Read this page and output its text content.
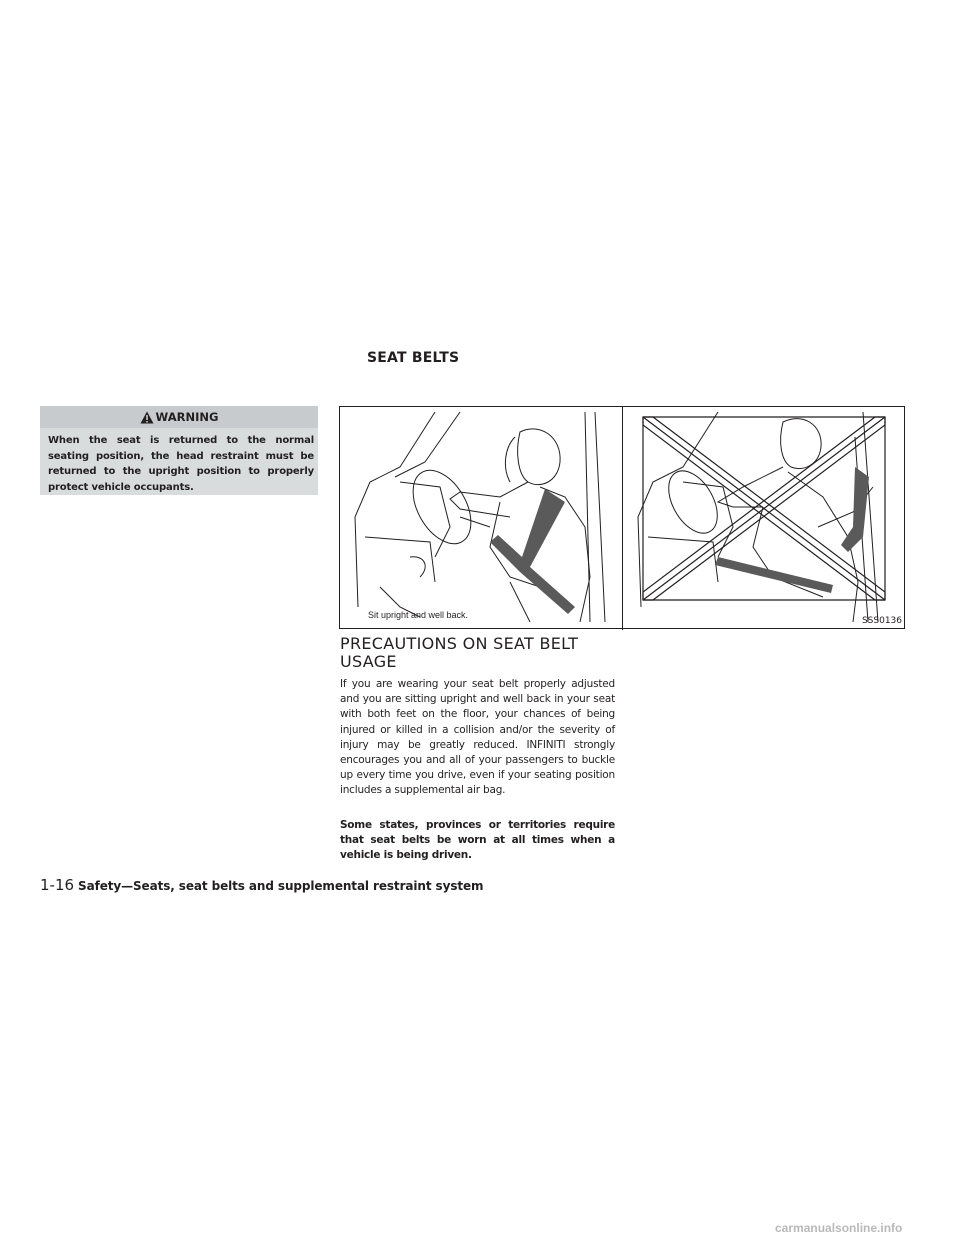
SEAT BELTS
WARNING
When the seat is returned to the normal seating position, the head restraint must be returned to the upright position to properly protect vehicle occupants.
Sit upright and well back.
SSS0136
PRECAUTIONS ON SEAT BELT USAGE
If you are wearing your seat belt properly adjusted and you are sitting upright and well back in your seat with both feet on the floor, your chances of being injured or killed in a collision and/or the severity of injury may be greatly reduced. INFINITI strongly encourages you and all of your passengers to buckle up every time you drive, even if your seating position includes a supplemental air bag.
Some states, provinces or territories require that seat belts be worn at all times when a vehicle is being driven.
1-16 Safety—Seats, seat belts and supplemental restraint system
carmanualsonline.info
